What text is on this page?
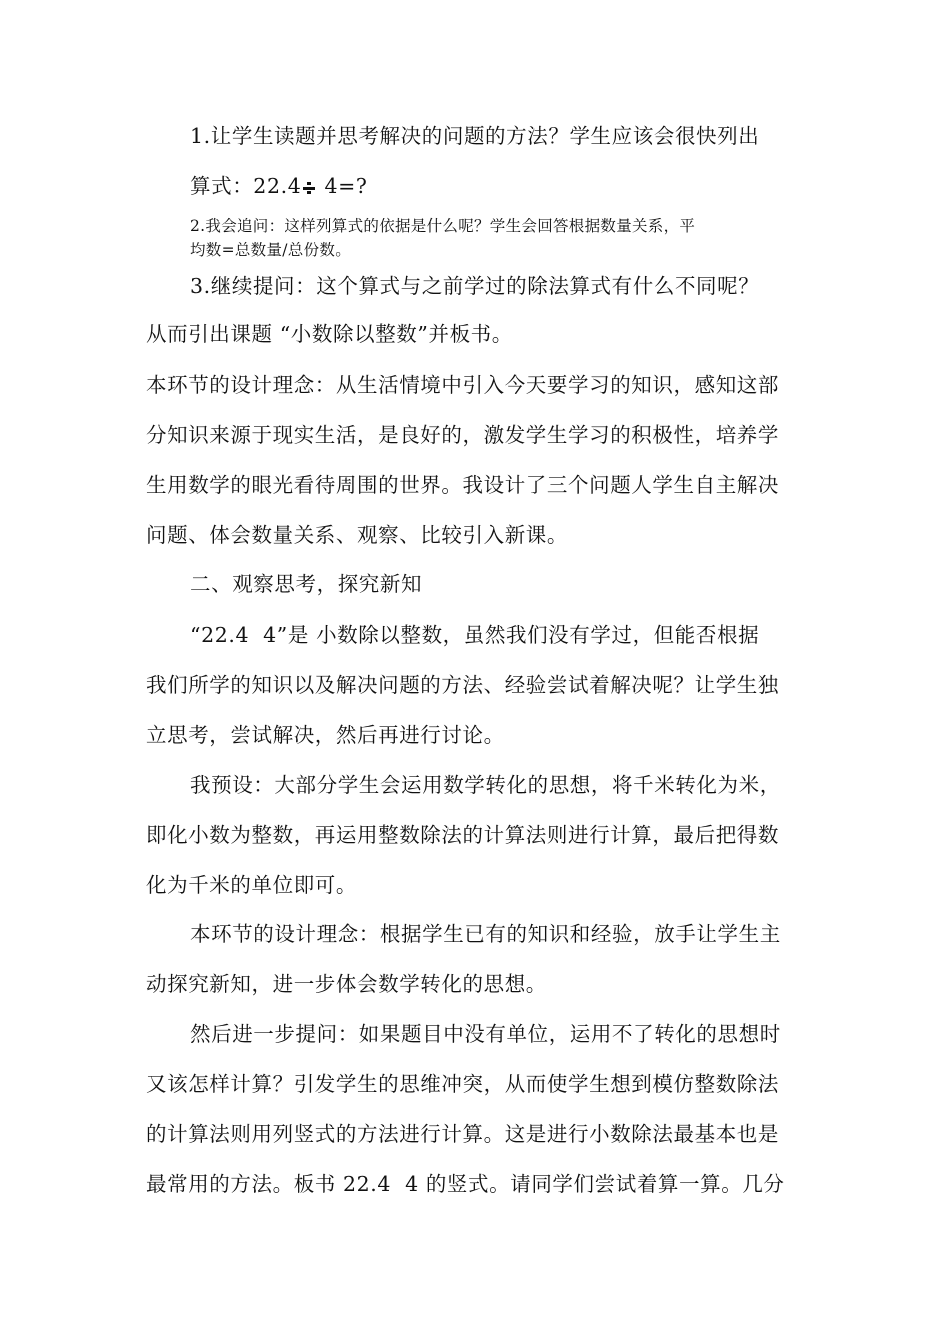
1.让学生读题并思考解决的问题的方法？学生应该会很快列出
算式：22.4 4=?
2.我会追问：这样列算式的依据是什么呢？学生会回答根据数量关系，平
均数=总数量/总份数。
3.继续提问：这个算式与之前学过的除法算式有什么不同呢？
从而引出课题 “小数除以整数”并板书。
本环节的设计理念：从生活情境中引入今天要学习的知识，感知这部
分知识来源于现实生活，是良好的，激发学生学习的积极性，培养学
生用数学的眼光看待周围的世界。我设计了三个问题人学生自主解决
问题、体会数量关系、观察、比较引入新课。
二、观察思考，探究新知
“22.4 4”是 小数除以整数，虽然我们没有学过，但能否根据
我们所学的知识以及解决问题的方法、经验尝试着解决呢？让学生独
立思考，尝试解决，然后再进行讨论。
我预设：大部分学生会运用数学转化的思想，将千米转化为米，
即化小数为整数，再运用整数除法的计算法则进行计算，最后把得数
化为千米的单位即可。
本环节的设计理念：根据学生已有的知识和经验，放手让学生主
动探究新知，进一步体会数学转化的思想。
然后进一步提问：如果题目中没有单位，运用不了转化的思想时
又该怎样计算？引发学生的思维冲突，从而使学生想到模仿整数除法
的计算法则用列竖式的方法进行计算。这是进行小数除法最基本也是
最常用的方法。板书 22.4 4 的竖式。请同学们尝试着算一算。几分
